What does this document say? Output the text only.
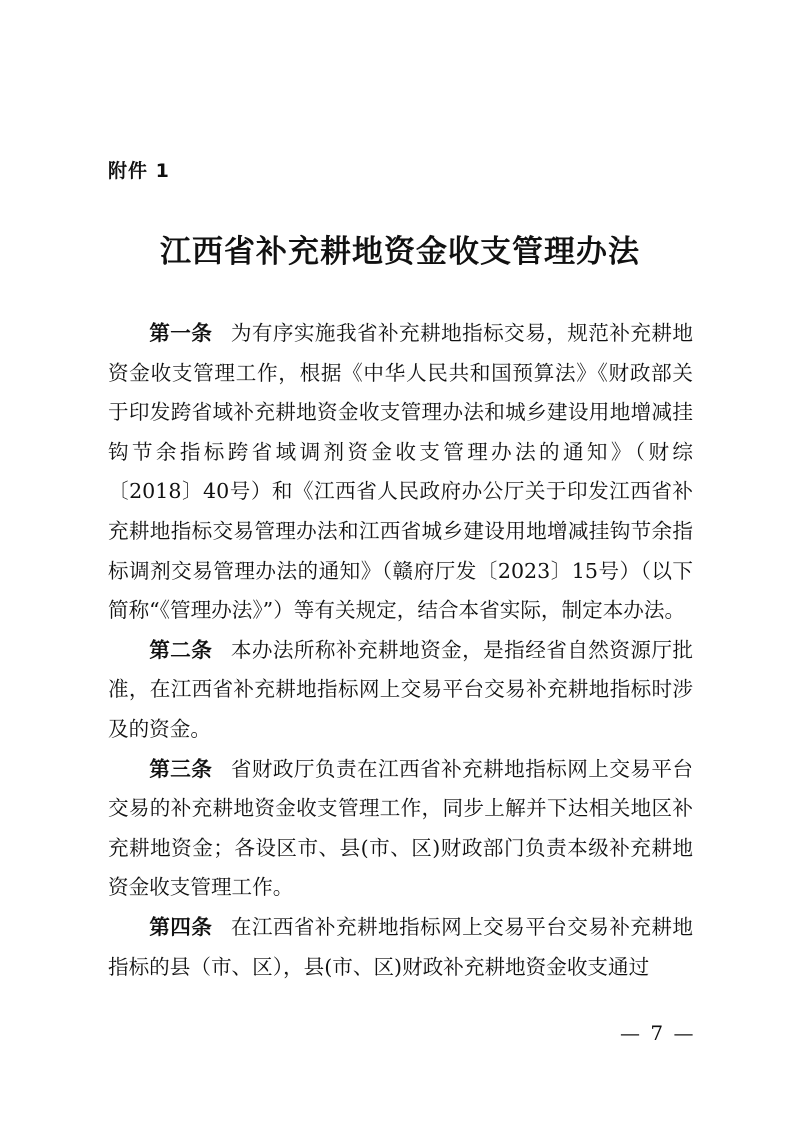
附件 1
江西省补充耕地资金收支管理办法

第一条 为有序实施我省补充耕地指标交易，规范补充耕地资金收支管理工作，根据《中华人民共和国预算法》《财政部关于印发跨省域补充耕地资金收支管理办法和城乡建设用地增减挂钩节余指标跨省域调剂资金收支管理办法的通知》（财综〔2018〕40号）和《江西省人民政府办公厅关于印发江西省补充耕地指标交易管理办法和江西省城乡建设用地增减挂钩节余指标调剂交易管理办法的通知》（赣府厅发〔2023〕15号）（以下简称“《管理办法》”）等有关规定，结合本省实际，制定本办法。

第二条 本办法所称补充耕地资金，是指经省自然资源厅批准，在江西省补充耕地指标网上交易平台交易补充耕地指标时涉及的资金。

第三条 省财政厅负责在江西省补充耕地指标网上交易平台交易的补充耕地资金收支管理工作，同步上解并下达相关地区补充耕地资金；各设区市、县(市、区)财政部门负责本级补充耕地资金收支管理工作。

第四条 在江西省补充耕地指标网上交易平台交易补充耕地指标的县（市、区），县(市、区)财政补充耕地资金收支通过

— 7 —
